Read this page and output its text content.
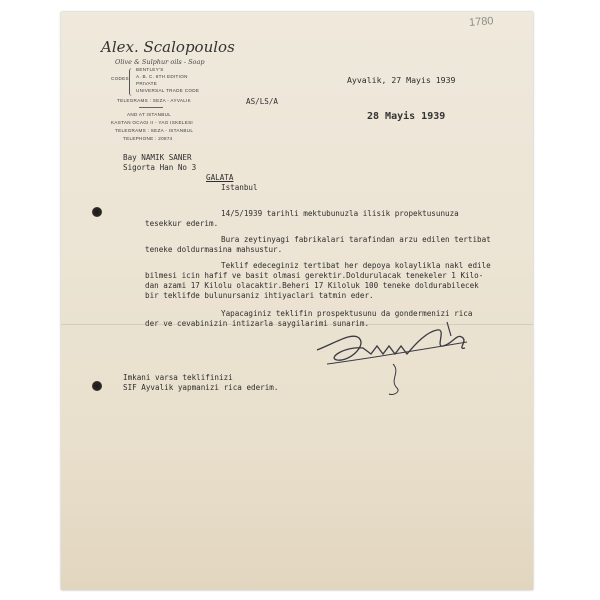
1780
Alex. Scalopoulos
Olive & Sulphur oils - Soap
CODES
BENTLEY'S
A. B. C. 6TH EDITION
PRIVATE
UNIVERSAL TRADE CODE
TELEGRAMS : SEZA - AYVALIK
AND AT ISTANBUL
KASTAN OCAGI II - YAG ISKELESI
TELEGRAMS : SEZA - ISTANBUL
TELEPHONE : 20874
Ayvalik, 27 Mayis 1939
AS/LS/A
28 Mayis 1939
Bay NAMIK SANER
Sigorta Han No 3
GALATA
Istanbul
14/5/1939 tarihli mektubunuzla ilisik propektusunuza
tesekkur ederim.
Bura zeytinyagi fabrikalari tarafindan arzu edilen tertibat
teneke doldurmasina mahsustur.
Teklif edeceginiz tertibat her depoya kolaylikla nakl edile
bilmesi icin hafif ve basit olmasi gerektir.Doldurulacak tenekeler 1 Kilo-
dan azami 17 Kilolu olacaktir.Beheri 17 Kiloluk 100 teneke doldurabilecek
bir teklifde bulunursaniz ihtiyaclari tatmin eder.
Yapacaginiz teklifin prospektusunu da gondermenizi rica
der ve cevabinizin intizarla saygilarimi sunarim.
Imkani varsa teklifinizi
SIF Ayvalik yapmanizi rica ederim.
